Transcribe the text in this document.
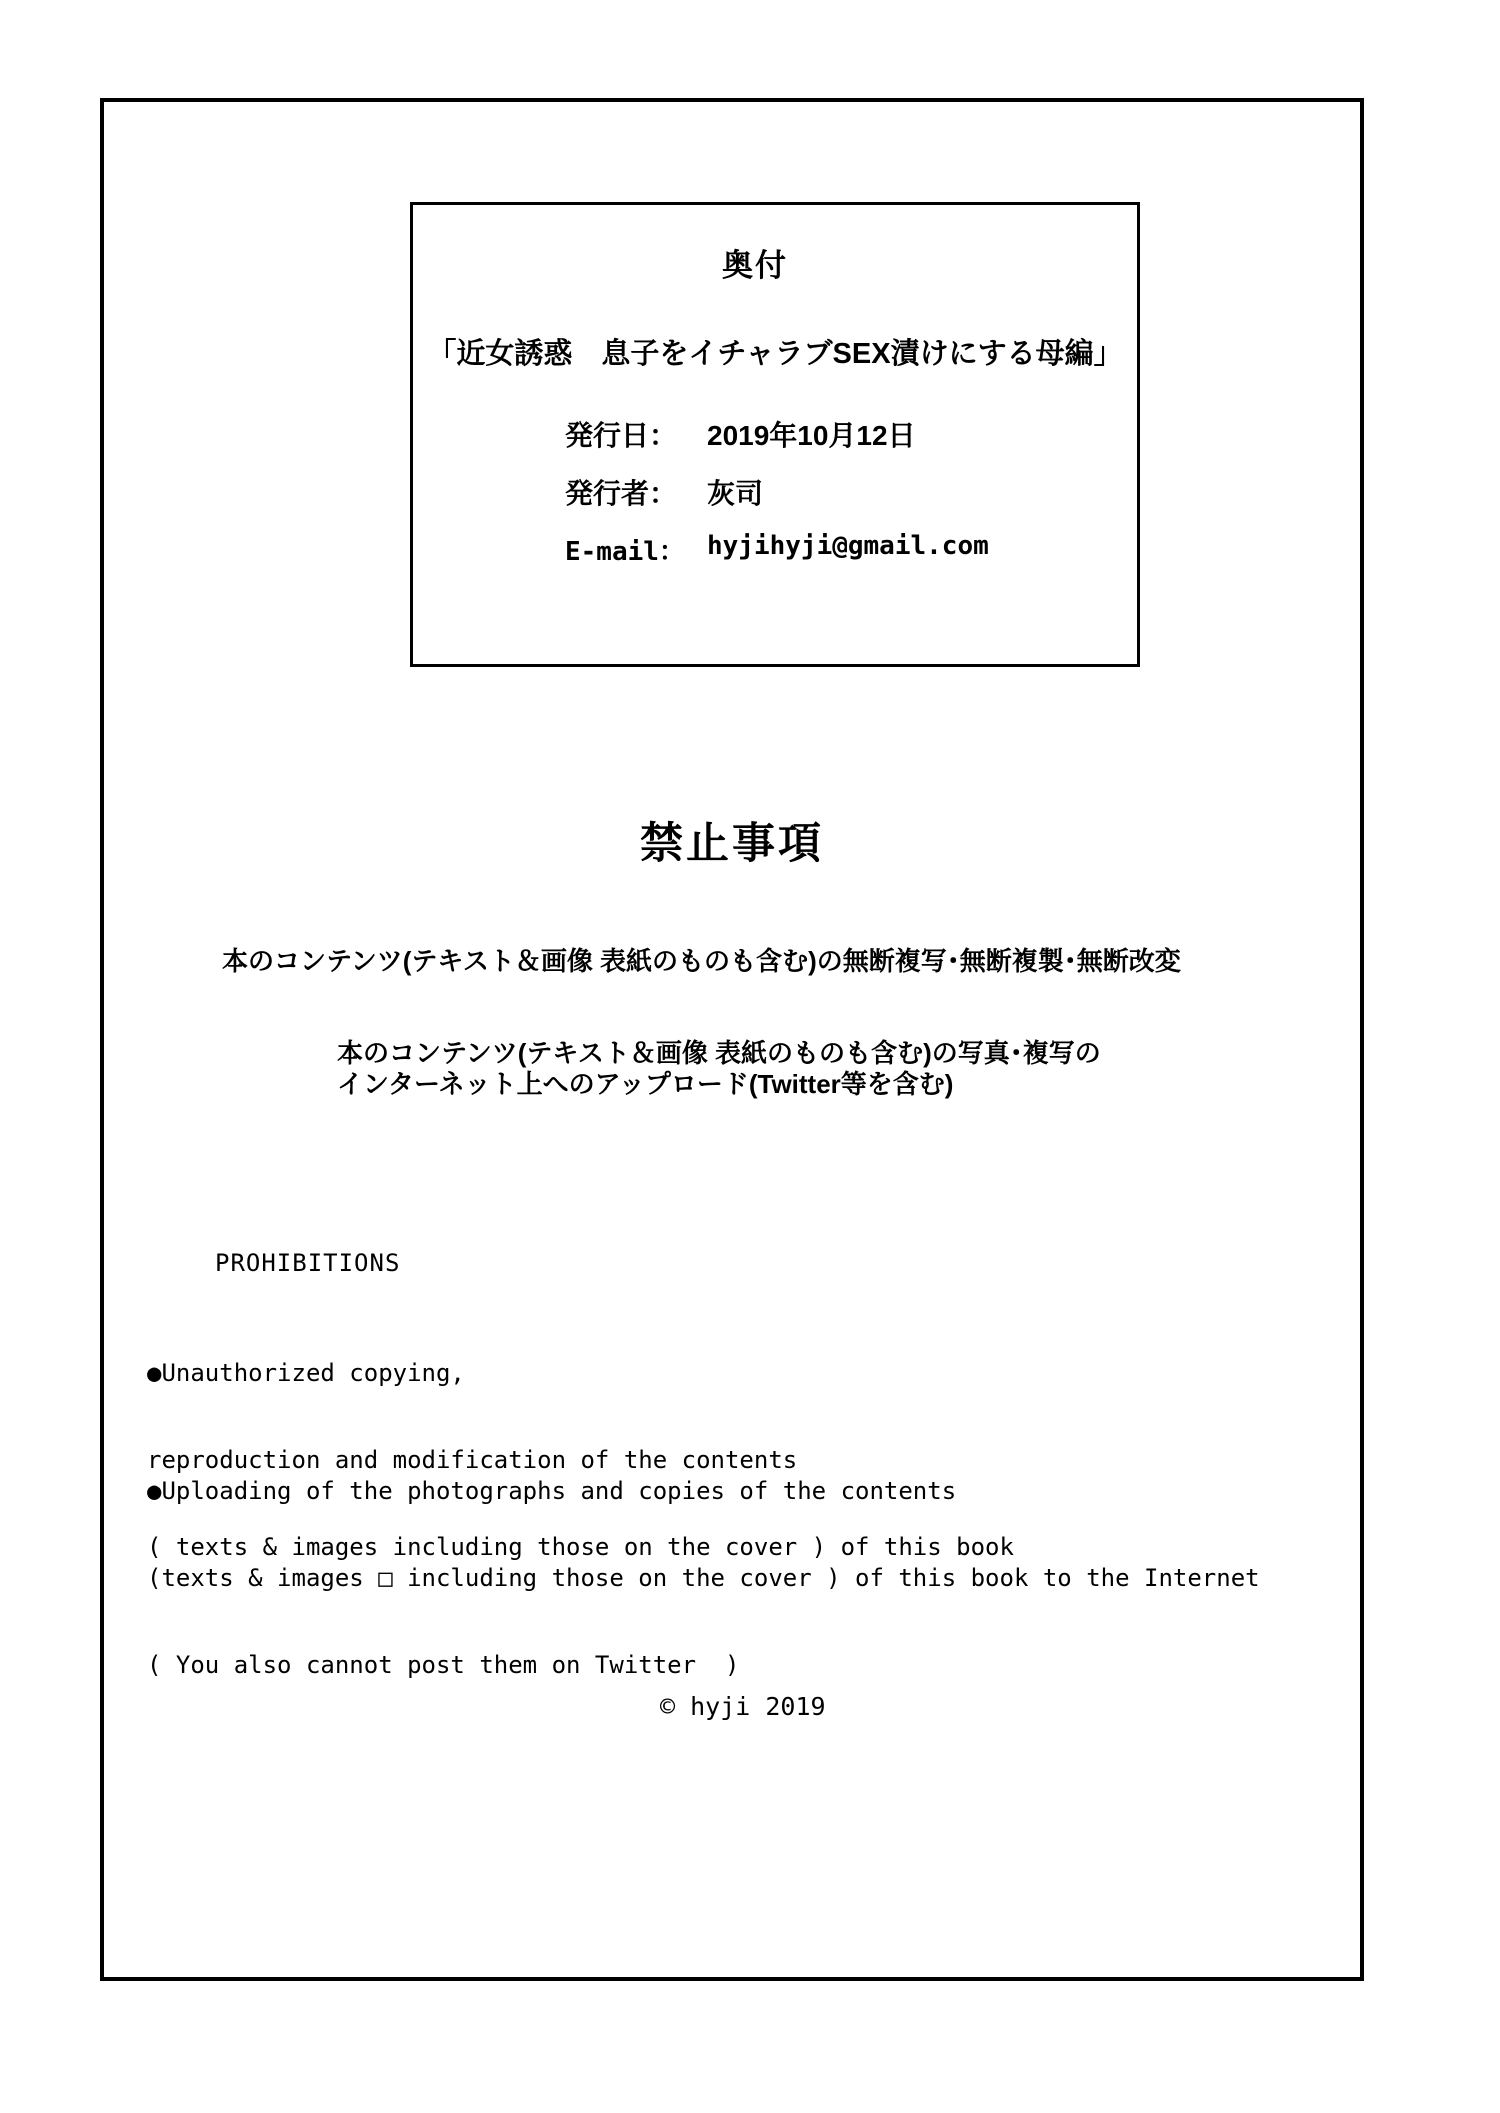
奥付
「近女誘惑　息子をイチャラブSEX漬けにする母編」
発行日：	2019年10月12日
発行者：	灰司
E-mail： hyjihyji@gmail.com
禁止事項
本のコンテンツ(テキスト＆画像 表紙のものも含む)の無断複写･無断複製･無断改変
本のコンテンツ(テキスト＆画像 表紙のものも含む)の写真･複写の
インターネット上へのアップロード(Twitter等を含む)
PROHIBITIONS

●Unauthorized copying,

reproduction and modification of the contents

( texts & images including those on the cover ) of this book

●Uploading of the photographs and copies of the contents

(texts & images □ including those on the cover ) of this book to the Internet

( You also cannot post them on Twitter  )

© hyji 2019
